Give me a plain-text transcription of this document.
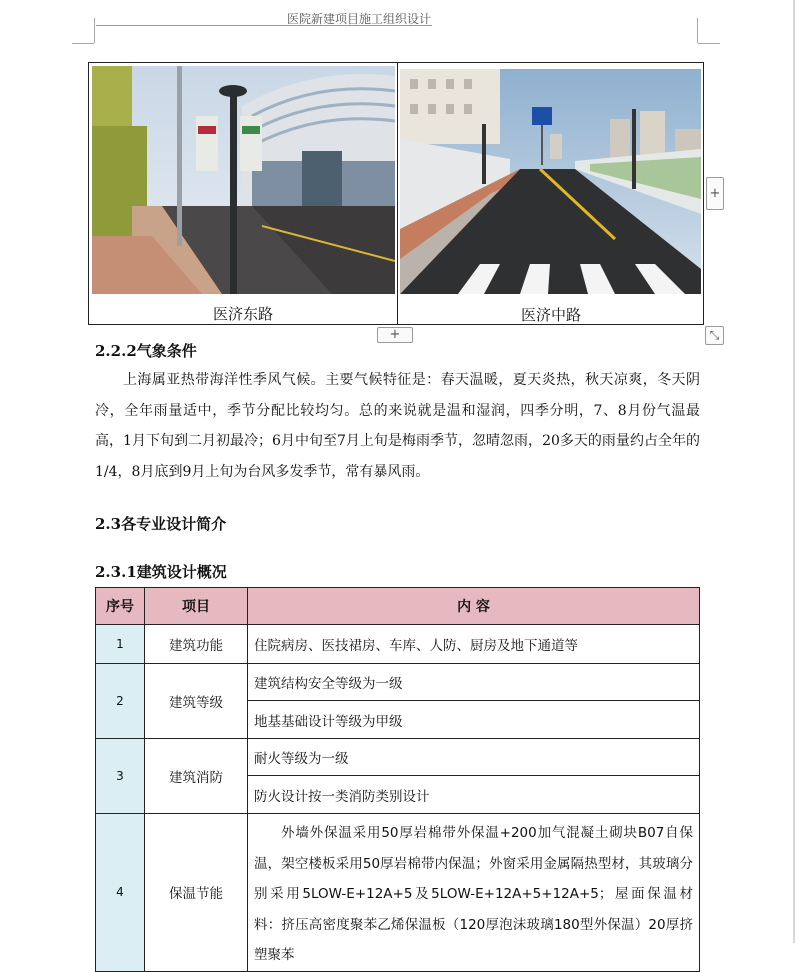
医院新建项目施工组织设计
医济东路	医济中路
+
+	⤡
2.2.2气象条件

上海属亚热带海洋性季风气候。主要气候特征是：春天温暖，夏天炎热，秋天凉爽，冬天阴冷，全年雨量适中，季节分配比较均匀。总的来说就是温和湿润，四季分明，7、8月份气温最高，1月下旬到二月初最冷；6月中旬至7月上旬是梅雨季节，忽晴忽雨，20多天的雨量约占全年的1/4，8月底到9月上旬为台风多发季节，常有暴风雨。

2.3各专业设计简介
2.3.1建筑设计概况
序号	项目	内 容
1	建筑功能	住院病房、医技裙房、车库、人防、厨房及地下通道等
2	建筑等级	建筑结构安全等级为一级
		地基基础设计等级为甲级
3	建筑消防	耐火等级为一级
		防火设计按一类消防类别设计
4	保温节能	外墙外保温采用50厚岩棉带外保温+200加气混凝土砌块B07自保温，架空楼板采用50厚岩棉带内保温；外窗采用金属隔热型材，其玻璃分别采用5LOW-E+12A+5及5LOW-E+12A+5+12A+5；屋面保温材料：挤压高密度聚苯乙烯保温板（120厚泡沫玻璃180型外保温）20厚挤塑聚苯
